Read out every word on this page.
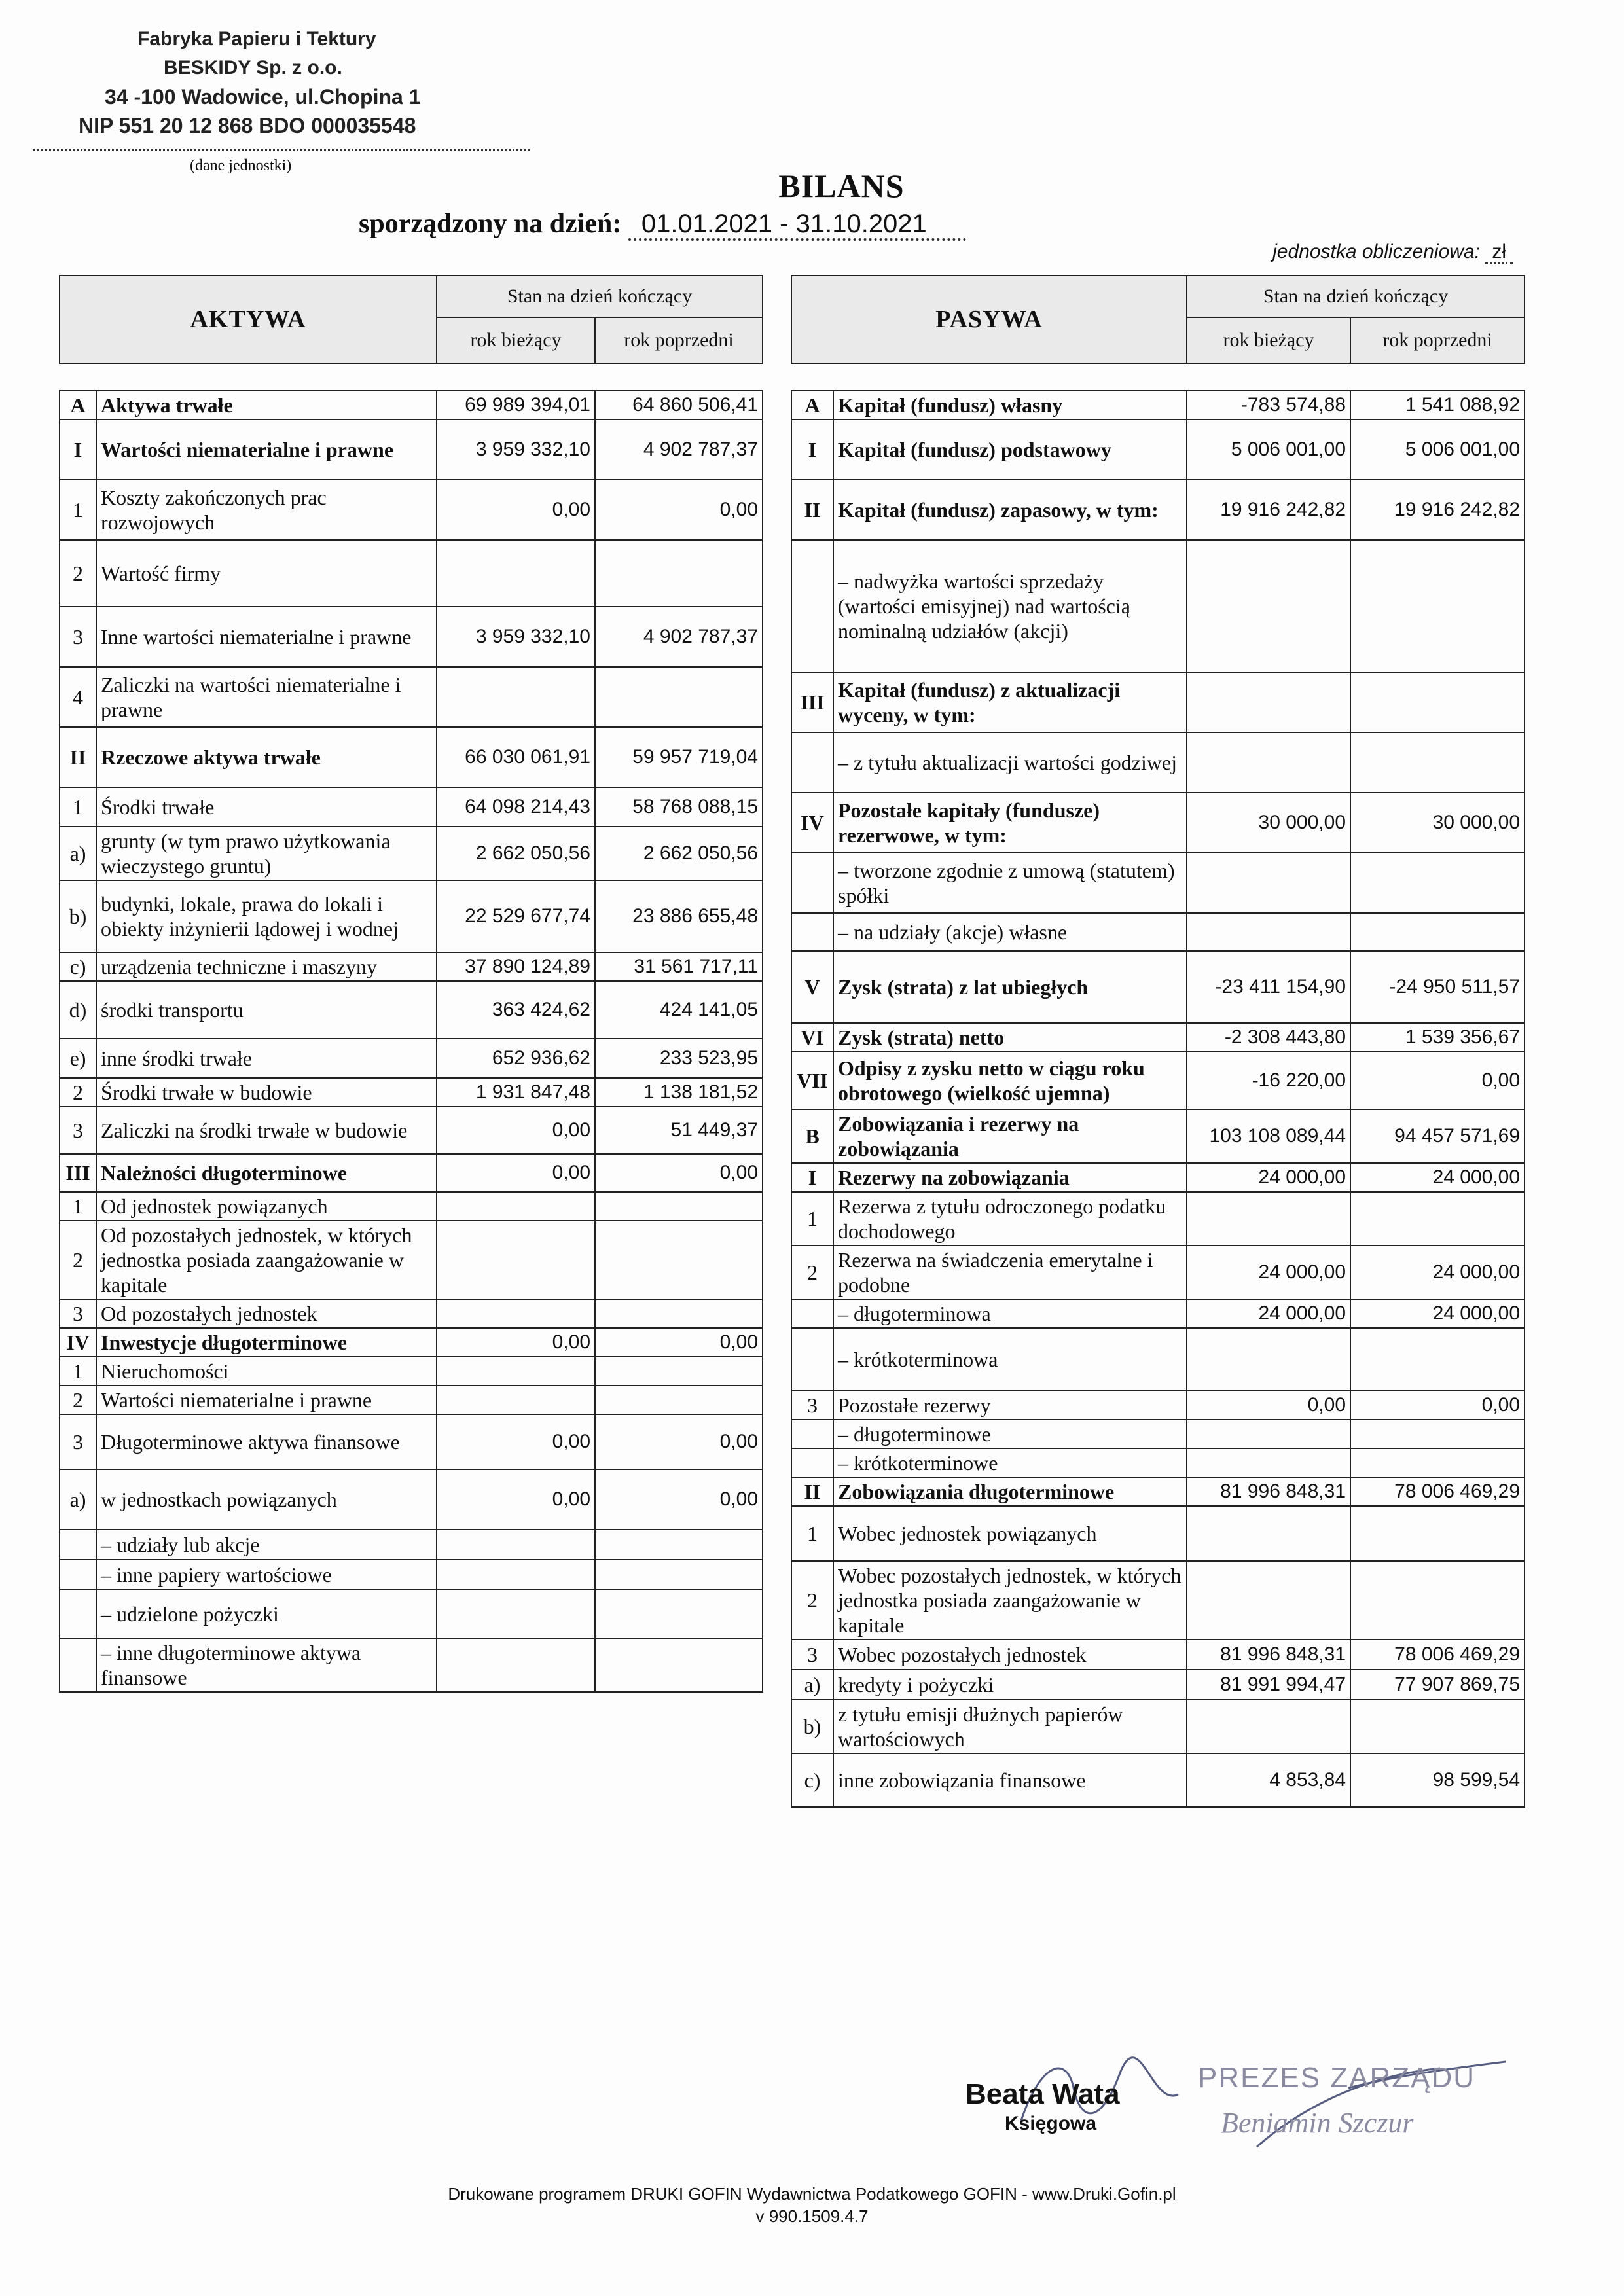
Fabryka Papieru i Tektury
BESKIDY Sp. z o.o.
34 -100 Wadowice, ul.Chopina 1
NIP 551 20 12 868 BDO 000035548
(dane jednostki)
BILANS
sporządzony na dzień: 01.01.2021 - 31.10.2021
jednostka obliczeniowa: zł
AKTYWA		Stan na dzień kończący	
		rok bieżący	rok poprzedni

A	Aktywa trwałe	69 989 394,01	64 860 506,41
I	Wartości niematerialne i prawne	3 959 332,10	4 902 787,37
1	Koszty zakończonych prac rozwojowych	0,00	0,00
2	Wartość firmy		
3	Inne wartości niematerialne i prawne	3 959 332,10	4 902 787,37
4	Zaliczki na wartości niematerialne i prawne		
II	Rzeczowe aktywa trwałe	66 030 061,91	59 957 719,04
1	Środki trwałe	64 098 214,43	58 768 088,15
a)	grunty (w tym prawo użytkowania wieczystego gruntu)	2 662 050,56	2 662 050,56
b)	budynki, lokale, prawa do lokali i obiekty inżynierii lądowej i wodnej	22 529 677,74	23 886 655,48
c)	urządzenia techniczne i maszyny	37 890 124,89	31 561 717,11
d)	środki transportu	363 424,62	424 141,05
e)	inne środki trwałe	652 936,62	233 523,95
2	Środki trwałe w budowie	1 931 847,48	1 138 181,52
3	Zaliczki na środki trwałe w budowie	0,00	51 449,37
III	Należności długoterminowe	0,00	0,00
1	Od jednostek powiązanych		
2	Od pozostałych jednostek, w których jednostka posiada zaangażowanie w kapitale		
3	Od pozostałych jednostek		
IV	Inwestycje długoterminowe	0,00	0,00
1	Nieruchomości		
2	Wartości niematerialne i prawne		
3	Długoterminowe aktywa finansowe	0,00	0,00
a)	w jednostkach powiązanych	0,00	0,00
	– udziały lub akcje		
	– inne papiery wartościowe		
	– udzielone pożyczki		
	– inne długoterminowe aktywa finansowe		
PASYWA		Stan na dzień kończący	
		rok bieżący	rok poprzedni

A	Kapitał (fundusz) własny	-783 574,88	1 541 088,92
I	Kapitał (fundusz) podstawowy	5 006 001,00	5 006 001,00
II	Kapitał (fundusz) zapasowy, w tym:	19 916 242,82	19 916 242,82
	– nadwyżka wartości sprzedaży (wartości emisyjnej) nad wartością nominalną udziałów (akcji)		
III	Kapitał (fundusz) z aktualizacji wyceny, w tym:		
	– z tytułu aktualizacji wartości godziwej		
IV	Pozostałe kapitały (fundusze) rezerwowe, w tym:	30 000,00	30 000,00
	– tworzone zgodnie z umową (statutem) spółki		
	– na udziały (akcje) własne		
V	Zysk (strata) z lat ubiegłych	-23 411 154,90	-24 950 511,57
VI	Zysk (strata) netto	-2 308 443,80	1 539 356,67
VII	Odpisy z zysku netto w ciągu roku obrotowego (wielkość ujemna)	-16 220,00	0,00
B	Zobowiązania i rezerwy na zobowiązania	103 108 089,44	94 457 571,69
I	Rezerwy na zobowiązania	24 000,00	24 000,00
1	Rezerwa z tytułu odroczonego podatku dochodowego		
2	Rezerwa na świadczenia emerytalne i podobne	24 000,00	24 000,00
	– długoterminowa	24 000,00	24 000,00
	– krótkoterminowa		
3	Pozostałe rezerwy	0,00	0,00
	– długoterminowe		
	– krótkoterminowe		
II	Zobowiązania długoterminowe	81 996 848,31	78 006 469,29
1	Wobec jednostek powiązanych		
2	Wobec pozostałych jednostek, w których jednostka posiada zaangażowanie w kapitale		
3	Wobec pozostałych jednostek	81 996 848,31	78 006 469,29
a)	kredyty i pożyczki	81 991 994,47	77 907 869,75
b)	z tytułu emisji dłużnych papierów wartościowych		
c)	inne zobowiązania finansowe	4 853,84	98 599,54
Beata Wata
Księgowa
PREZES ZARZĄDU
Beniamin Szczur
Drukowane programem DRUKI GOFIN Wydawnictwa Podatkowego GOFIN - www.Druki.Gofin.pl
v 990.1509.4.7
